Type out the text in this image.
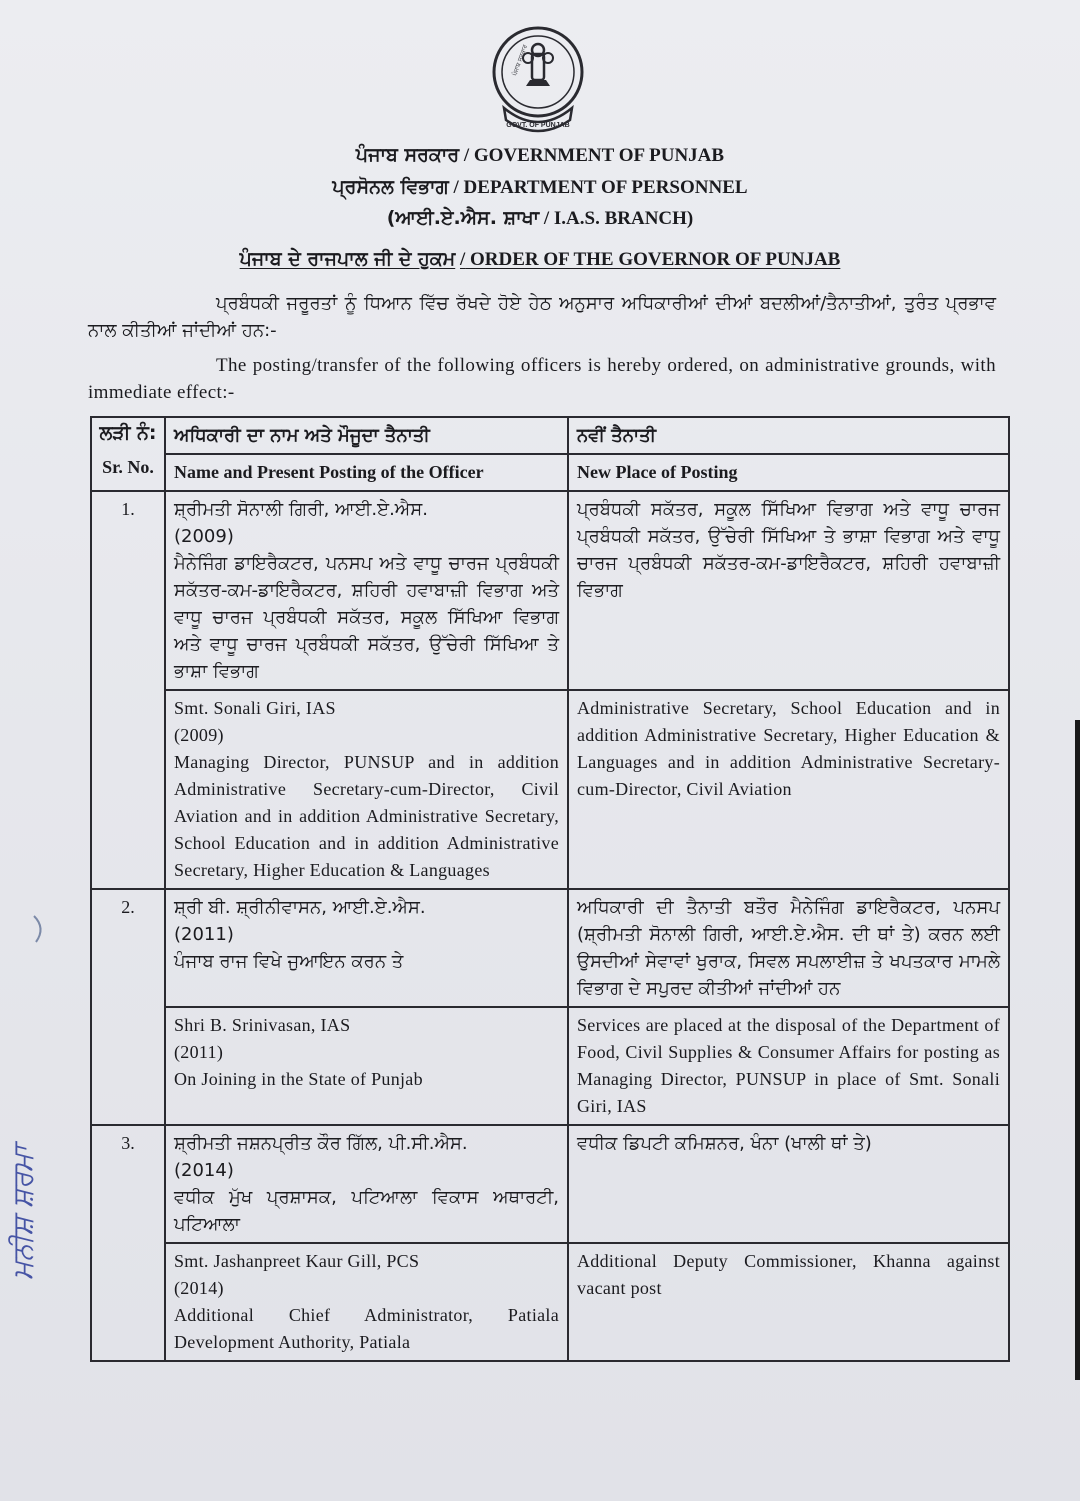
GOVT. OF PUNJAB
ਪੰਜਾਬ ਸਰਕਾਰ
ਪੰਜਾਬ ਸਰਕਾਰ / GOVERNMENT OF PUNJAB
ਪ੍ਰਸੋਨਲ ਵਿਭਾਗ / DEPARTMENT OF PERSONNEL
(ਆਈ.ਏ.ਐਸ. ਸ਼ਾਖਾ / I.A.S. BRANCH)
ਪੰਜਾਬ ਦੇ ਰਾਜਪਾਲ ਜੀ ਦੇ ਹੁਕਮ / ORDER OF THE GOVERNOR OF PUNJAB
ਪ੍ਰਬੰਧਕੀ ਜਰੂਰਤਾਂ ਨੂੰ ਧਿਆਨ ਵਿੱਚ ਰੱਖਦੇ ਹੋਏ ਹੇਠ ਅਨੁਸਾਰ ਅਧਿਕਾਰੀਆਂ ਦੀਆਂ ਬਦਲੀਆਂ/ਤੈਨਾਤੀਆਂ, ਤੁਰੰਤ ਪ੍ਰਭਾਵ ਨਾਲ ਕੀਤੀਆਂ ਜਾਂਦੀਆਂ ਹਨ:-
The posting/transfer of the following officers is hereby ordered, on administrative grounds, with immediate effect:-
ਲੜੀ ਨੰ:	ਅਧਿਕਾਰੀ ਦਾ ਨਾਮ ਅਤੇ ਮੌਜੂਦਾ ਤੈਨਾਤੀ	ਨਵੀਂ ਤੈਨਾਤੀ
Sr. No.	Name and Present Posting of the Officer	New Place of Posting
1.	ਸ਼੍ਰੀਮਤੀ ਸੋਨਾਲੀ ਗਿਰੀ, ਆਈ.ਏ.ਐਸ.
(2009)
ਮੈਨੇਜਿੰਗ ਡਾਇਰੈਕਟਰ, ਪਨਸਪ ਅਤੇ ਵਾਧੂ ਚਾਰਜ ਪ੍ਰਬੰਧਕੀ ਸਕੱਤਰ-ਕਮ-ਡਾਇਰੈਕਟਰ, ਸ਼ਹਿਰੀ ਹਵਾਬਾਜ਼ੀ ਵਿਭਾਗ ਅਤੇ ਵਾਧੂ ਚਾਰਜ ਪ੍ਰਬੰਧਕੀ ਸਕੱਤਰ, ਸਕੂਲ ਸਿੱਖਿਆ ਵਿਭਾਗ ਅਤੇ ਵਾਧੂ ਚਾਰਜ ਪ੍ਰਬੰਧਕੀ ਸਕੱਤਰ, ਉੱਚੇਰੀ ਸਿੱਖਿਆ ਤੇ ਭਾਸ਼ਾ ਵਿਭਾਗ	ਪ੍ਰਬੰਧਕੀ ਸਕੱਤਰ, ਸਕੂਲ ਸਿੱਖਿਆ ਵਿਭਾਗ ਅਤੇ ਵਾਧੂ ਚਾਰਜ ਪ੍ਰਬੰਧਕੀ ਸਕੱਤਰ, ਉੱਚੇਰੀ ਸਿੱਖਿਆ ਤੇ ਭਾਸ਼ਾ ਵਿਭਾਗ ਅਤੇ ਵਾਧੂ ਚਾਰਜ ਪ੍ਰਬੰਧਕੀ ਸਕੱਤਰ-ਕਮ-ਡਾਇਰੈਕਟਰ, ਸ਼ਹਿਰੀ ਹਵਾਬਾਜ਼ੀ ਵਿਭਾਗ

	Smt. Sonali Giri, IAS
(2009)
Managing Director, PUNSUP and in addition Administrative Secretary-cum-Director, Civil Aviation and in addition Administrative Secretary, School Education and in addition Administrative Secretary, Higher Education & Languages	Administrative Secretary, School Education and in addition Administrative Secretary, Higher Education & Languages and in addition Administrative Secretary-cum-Director, Civil Aviation
2.	ਸ਼੍ਰੀ ਬੀ. ਸ਼੍ਰੀਨੀਵਾਸਨ, ਆਈ.ਏ.ਐਸ.
(2011)
ਪੰਜਾਬ ਰਾਜ ਵਿਖੇ ਜੁਆਇਨ ਕਰਨ ਤੇ	ਅਧਿਕਾਰੀ ਦੀ ਤੈਨਾਤੀ ਬਤੌਰ ਮੈਨੇਜਿੰਗ ਡਾਇਰੈਕਟਰ, ਪਨਸਪ (ਸ਼੍ਰੀਮਤੀ ਸੋਨਾਲੀ ਗਿਰੀ, ਆਈ.ਏ.ਐਸ. ਦੀ ਥਾਂ ਤੇ) ਕਰਨ ਲਈ ਉਸਦੀਆਂ ਸੇਵਾਵਾਂ ਖੁਰਾਕ, ਸਿਵਲ ਸਪਲਾਈਜ਼ ਤੇ ਖਪਤਕਾਰ ਮਾਮਲੇ ਵਿਭਾਗ ਦੇ ਸਪੁਰਦ ਕੀਤੀਆਂ ਜਾਂਦੀਆਂ ਹਨ

	Shri B. Srinivasan, IAS
(2011)
On Joining in the State of Punjab	Services are placed at the disposal of the Department of Food, Civil Supplies & Consumer Affairs for posting as Managing Director, PUNSUP in place of Smt. Sonali Giri, IAS
3.	ਸ਼੍ਰੀਮਤੀ ਜਸ਼ਨਪ੍ਰੀਤ ਕੌਰ ਗਿੱਲ, ਪੀ.ਸੀ.ਐਸ.
(2014)
ਵਧੀਕ ਮੁੱਖ ਪ੍ਰਸ਼ਾਸਕ, ਪਟਿਆਲਾ ਵਿਕਾਸ ਅਥਾਰਟੀ, ਪਟਿਆਲਾ	ਵਧੀਕ ਡਿਪਟੀ ਕਮਿਸ਼ਨਰ, ਖੰਨਾ (ਖਾਲੀ ਥਾਂ ਤੇ)

	Smt. Jashanpreet Kaur Gill, PCS
(2014)
Additional Chief Administrator, Patiala Development Authority, Patiala	Additional Deputy Commissioner, Khanna against vacant post
ਮਨੀਸ਼ ਸ਼ਰਮਾ
